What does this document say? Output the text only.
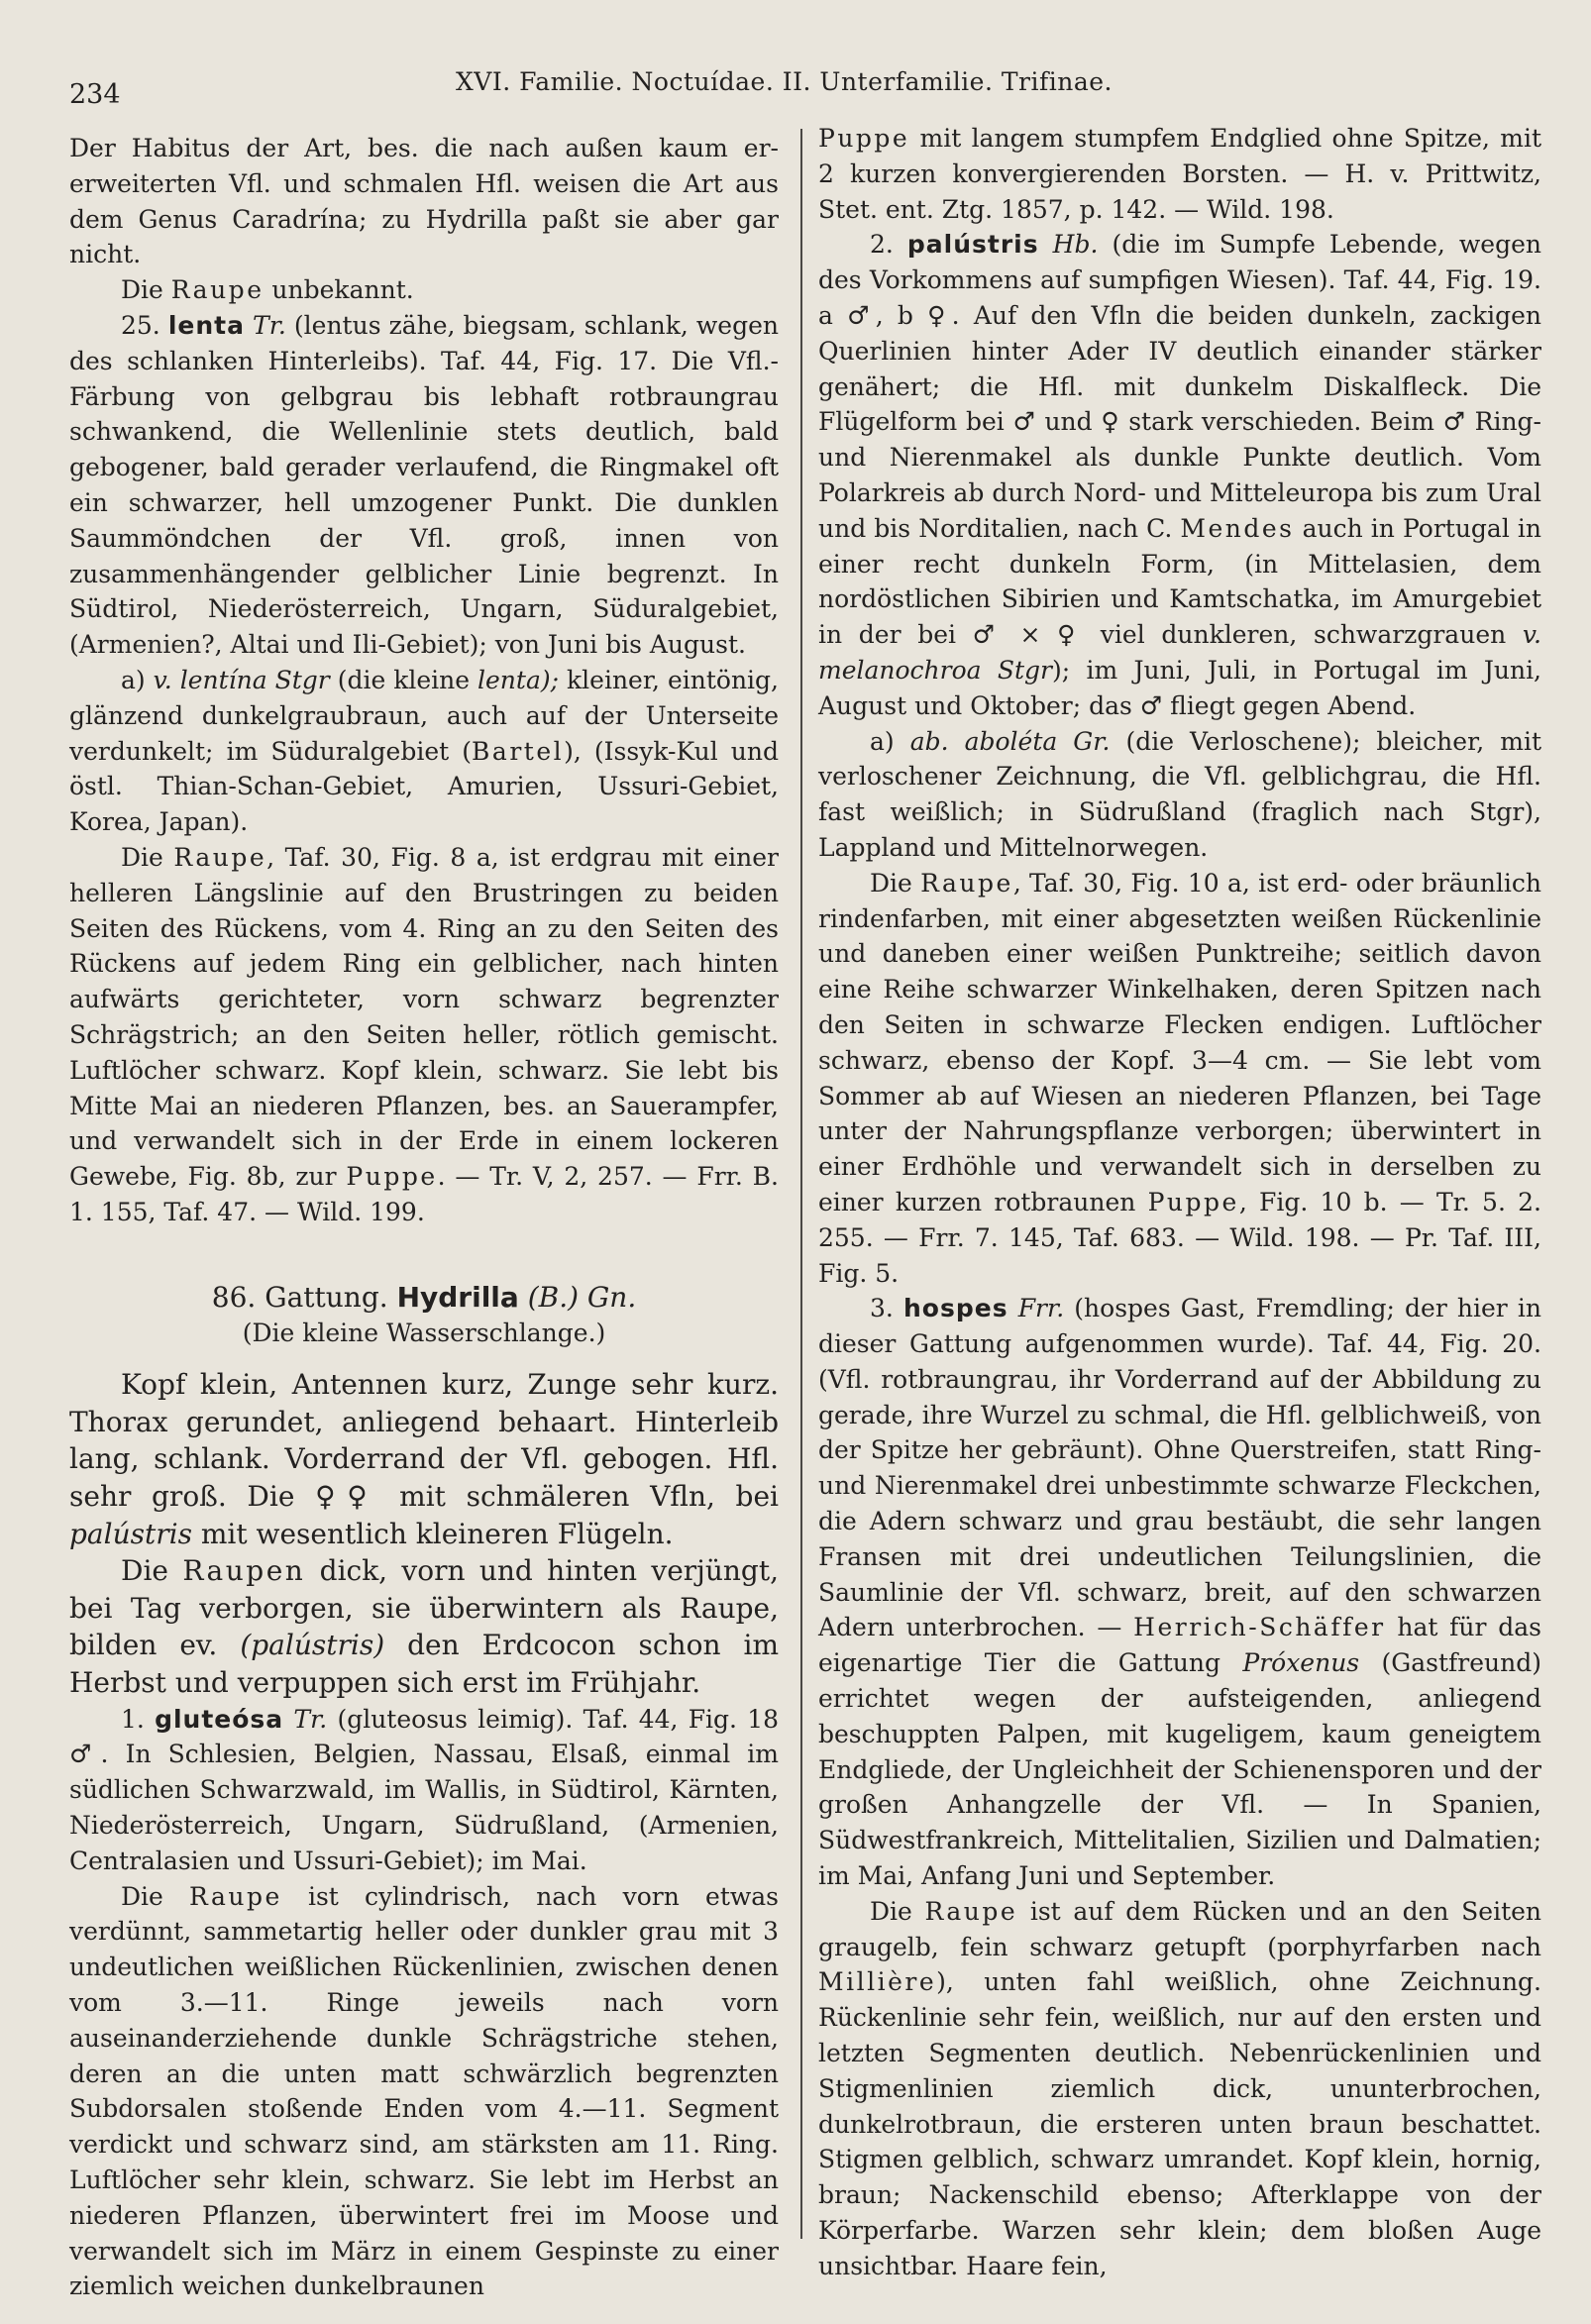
234	XVI. Familie. Noctuídae. II. Unterfamilie. Trifinae.

Der Habitus der Art, bes. die nach außen kaum er-erweiterten Vfl. und schmalen Hfl. weisen die Art aus dem Genus Caradrína; zu Hydrilla paßt sie aber gar nicht.

Die Raupe unbekannt.

25. lenta Tr. (lentus zähe, biegsam, schlank, wegen des schlanken Hinterleibs). Taf. 44, Fig. 17. Die Vfl.-Färbung von gelbgrau bis lebhaft rotbraungrau schwankend, die Wellenlinie stets deutlich, bald gebogener, bald gerader verlaufend, die Ringmakel oft ein schwarzer, hell umzogener Punkt. Die dunklen Saummöndchen der Vfl. groß, innen von zusammenhängender gelblicher Linie begrenzt. In Südtirol, Niederösterreich, Ungarn, Süduralgebiet, (Armenien?, Altai und Ili-Gebiet); von Juni bis August.

a) v. lentína Stgr (die kleine lenta); kleiner, eintönig, glänzend dunkelgraubraun, auch auf der Unterseite verdunkelt; im Süduralgebiet (Bartel), (Issyk-Kul und östl. Thian-Schan-Gebiet, Amurien, Ussuri-Gebiet, Korea, Japan).

Die Raupe, Taf. 30, Fig. 8 a, ist erdgrau mit einer helleren Längslinie auf den Brustringen zu beiden Seiten des Rückens, vom 4. Ring an zu den Seiten des Rückens auf jedem Ring ein gelblicher, nach hinten aufwärts gerichteter, vorn schwarz begrenzter Schrägstrich; an den Seiten heller, rötlich gemischt. Luftlöcher schwarz. Kopf klein, schwarz. Sie lebt bis Mitte Mai an niederen Pflanzen, bes. an Sauerampfer, und verwandelt sich in der Erde in einem lockeren Gewebe, Fig. 8b, zur Puppe. — Tr. V, 2, 257. — Frr. B. 1. 155, Taf. 47. — Wild. 199.

86. Gattung. Hydrilla (B.) Gn.

(Die kleine Wasserschlange.)

Kopf klein, Antennen kurz, Zunge sehr kurz. Thorax gerundet, anliegend behaart. Hinterleib lang, schlank. Vorderrand der Vfl. gebogen. Hfl. sehr groß. Die ♀♀ mit schmäleren Vfln, bei palústris mit wesentlich kleineren Flügeln.

Die Raupen dick, vorn und hinten verjüngt, bei Tag verborgen, sie überwintern als Raupe, bilden ev. (palústris) den Erdcocon schon im Herbst und verpuppen sich erst im Frühjahr.

1. gluteósa Tr. (gluteosus leimig). Taf. 44, Fig. 18 ♂. In Schlesien, Belgien, Nassau, Elsaß, einmal im südlichen Schwarzwald, im Wallis, in Südtirol, Kärnten, Niederösterreich, Ungarn, Südrußland, (Armenien, Centralasien und Ussuri-Gebiet); im Mai.

Die Raupe ist cylindrisch, nach vorn etwas verdünnt, sammetartig heller oder dunkler grau mit 3 undeutlichen weißlichen Rückenlinien, zwischen denen vom 3.—11. Ringe jeweils nach vorn auseinanderziehende dunkle Schrägstriche stehen, deren an die unten matt schwärzlich begrenzten Subdorsalen stoßende Enden vom 4.—11. Segment verdickt und schwarz sind, am stärksten am 11. Ring. Luftlöcher sehr klein, schwarz. Sie lebt im Herbst an niederen Pflanzen, überwintert frei im Moose und verwandelt sich im März in einem Gespinste zu einer ziemlich weichen dunkelbraunen

Puppe mit langem stumpfem Endglied ohne Spitze, mit 2 kurzen konvergierenden Borsten. — H. v. Prittwitz, Stet. ent. Ztg. 1857, p. 142. — Wild. 198.

2. palústris Hb. (die im Sumpfe Lebende, wegen des Vorkommens auf sumpfigen Wiesen). Taf. 44, Fig. 19. a ♂, b ♀. Auf den Vfln die beiden dunkeln, zackigen Querlinien hinter Ader IV deutlich einander stärker genähert; die Hfl. mit dunkelm Diskalfleck. Die Flügelform bei ♂ und ♀ stark verschieden. Beim ♂ Ring- und Nierenmakel als dunkle Punkte deutlich. Vom Polarkreis ab durch Nord- und Mitteleuropa bis zum Ural und bis Norditalien, nach C. Mendes auch in Portugal in einer recht dunkeln Form, (in Mittelasien, dem nordöstlichen Sibirien und Kamtschatka, im Amurgebiet in der bei ♂ × ♀ viel dunkleren, schwarzgrauen v. melanochroa Stgr); im Juni, Juli, in Portugal im Juni, August und Oktober; das ♂ fliegt gegen Abend.

a) ab. aboléta Gr. (die Verloschene); bleicher, mit verloschener Zeichnung, die Vfl. gelblichgrau, die Hfl. fast weißlich; in Südrußland (fraglich nach Stgr), Lappland und Mittelnorwegen.

Die Raupe, Taf. 30, Fig. 10 a, ist erd- oder bräunlich rindenfarben, mit einer abgesetzten weißen Rückenlinie und daneben einer weißen Punktreihe; seitlich davon eine Reihe schwarzer Winkelhaken, deren Spitzen nach den Seiten in schwarze Flecken endigen. Luftlöcher schwarz, ebenso der Kopf. 3—4 cm. — Sie lebt vom Sommer ab auf Wiesen an niederen Pflanzen, bei Tage unter der Nahrungspflanze verborgen; überwintert in einer Erdhöhle und verwandelt sich in derselben zu einer kurzen rotbraunen Puppe, Fig. 10 b. — Tr. 5. 2. 255. — Frr. 7. 145, Taf. 683. — Wild. 198. — Pr. Taf. III, Fig. 5.

3. hospes Frr. (hospes Gast, Fremdling; der hier in dieser Gattung aufgenommen wurde). Taf. 44, Fig. 20. (Vfl. rotbraungrau, ihr Vorderrand auf der Abbildung zu gerade, ihre Wurzel zu schmal, die Hfl. gelblichweiß, von der Spitze her gebräunt). Ohne Querstreifen, statt Ring- und Nierenmakel drei unbestimmte schwarze Fleckchen, die Adern schwarz und grau bestäubt, die sehr langen Fransen mit drei undeutlichen Teilungslinien, die Saumlinie der Vfl. schwarz, breit, auf den schwarzen Adern unterbrochen. — Herrich-Schäffer hat für das eigenartige Tier die Gattung Próxenus (Gastfreund) errichtet wegen der aufsteigenden, anliegend beschuppten Palpen, mit kugeligem, kaum geneigtem Endgliede, der Ungleichheit der Schienensporen und der großen Anhangzelle der Vfl. — In Spanien, Südwestfrankreich, Mittelitalien, Sizilien und Dalmatien; im Mai, Anfang Juni und September.

Die Raupe ist auf dem Rücken und an den Seiten graugelb, fein schwarz getupft (porphyrfarben nach Millière), unten fahl weißlich, ohne Zeichnung. Rückenlinie sehr fein, weißlich, nur auf den ersten und letzten Segmenten deutlich. Nebenrückenlinien und Stigmenlinien ziemlich dick, ununterbrochen, dunkelrotbraun, die ersteren unten braun beschattet. Stigmen gelblich, schwarz umrandet. Kopf klein, hornig, braun; Nackenschild ebenso; Afterklappe von der Körperfarbe. Warzen sehr klein; dem bloßen Auge unsichtbar. Haare fein,
